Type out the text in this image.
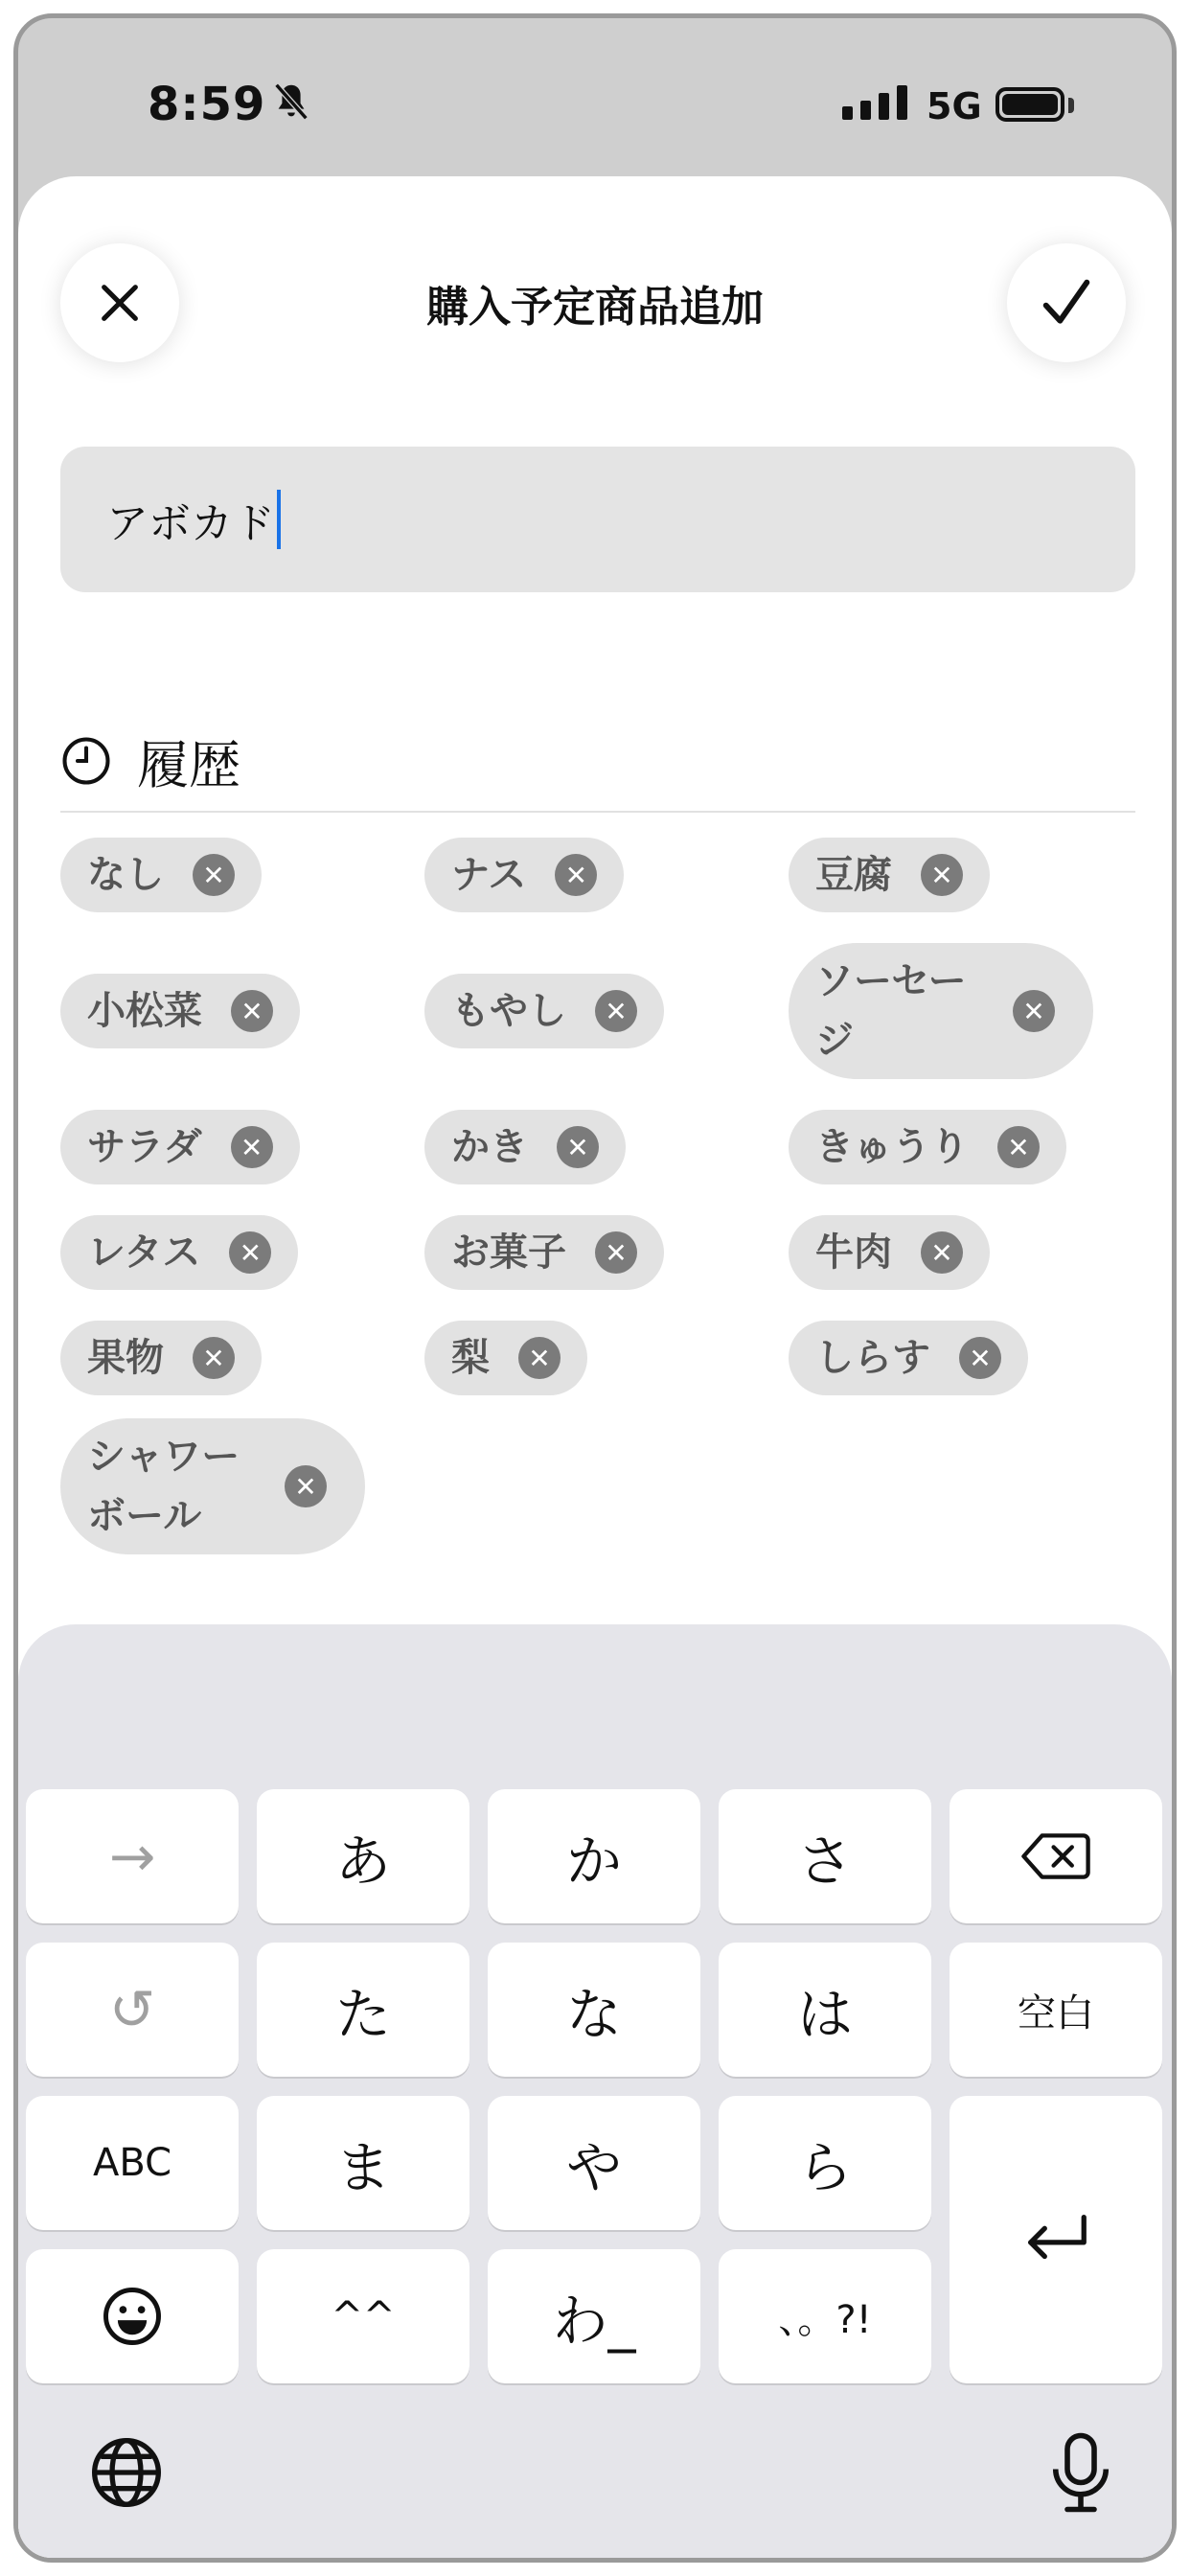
8:59	5G
購入予定商品追加
アボカド
履歴
なし	✕	ナス	✕	豆腐	✕
小松菜	✕	もやし	✕
ソーセージ
✕
サラダ	✕	かき	✕	きゅうり	✕
レタス	✕	お菓子	✕	牛肉	✕
果物	✕	梨	✕	しらす	✕
シャワーボール
✕
→	あ	か	さ
↺	た	な	は	空白
ABC	ま	や	ら
^^	わ_	、。?!
